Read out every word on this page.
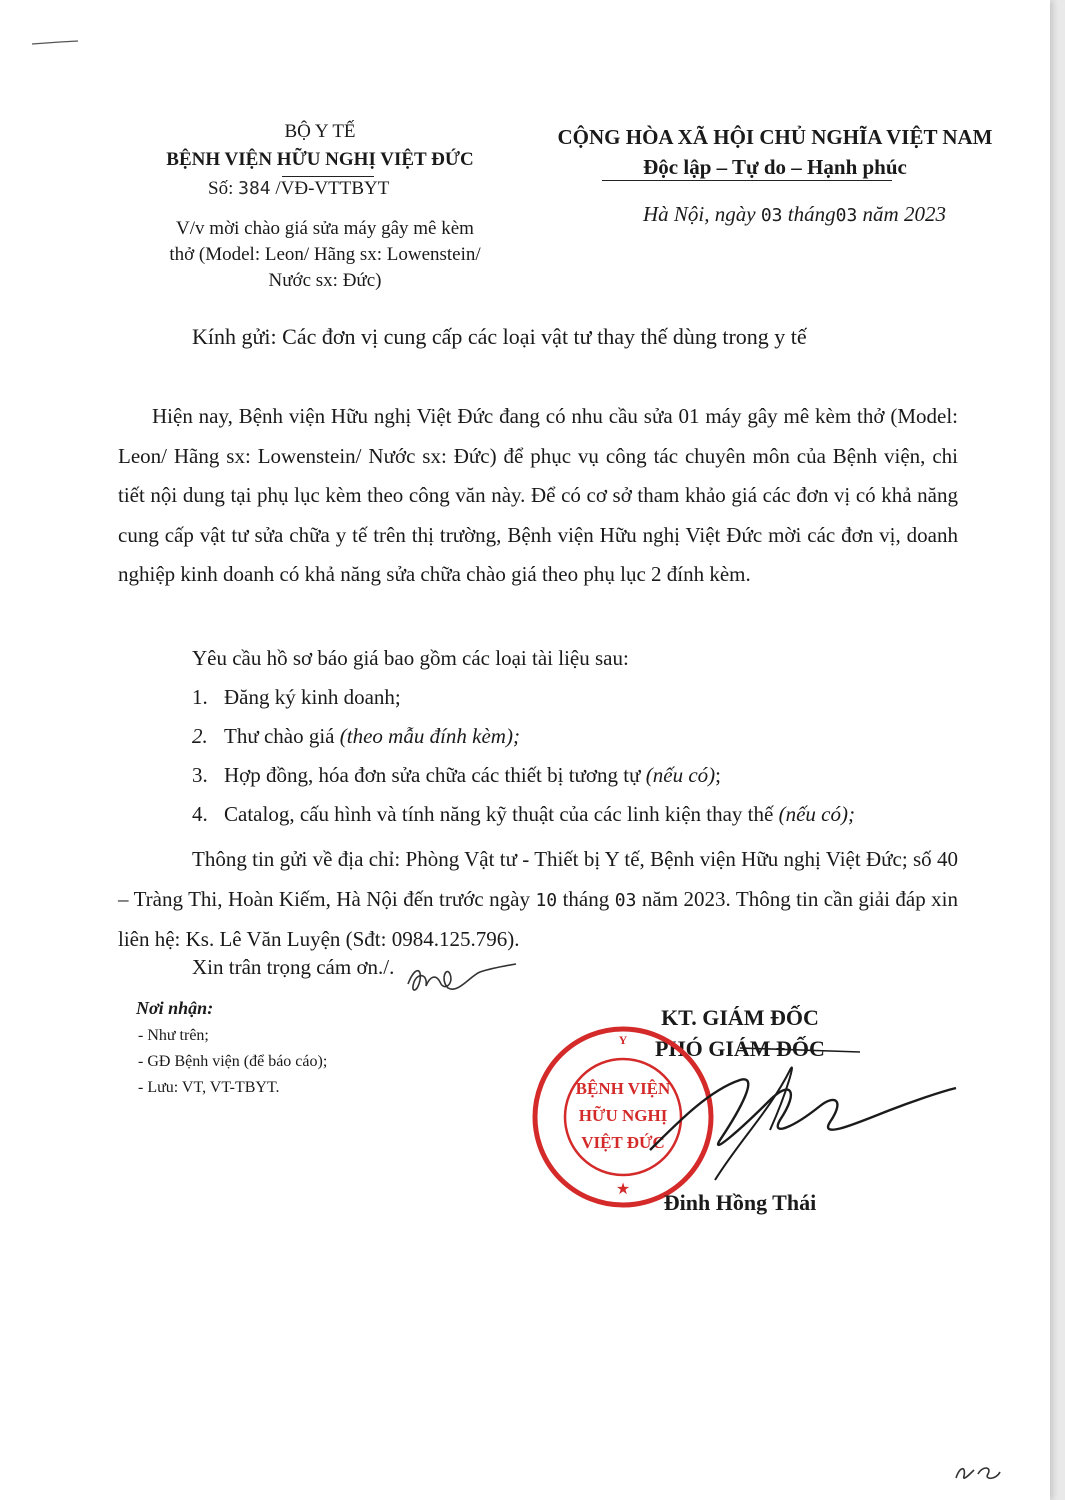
BỘ Y TẾ
BỆNH VIỆN HỮU NGHỊ VIỆT ĐỨC
Số: 384 /VĐ-VTTBYT
V/v mời chào giá sửa máy gây mê kèm
thở (Model: Leon/ Hãng sx: Lowenstein/
Nước sx: Đức)
CỘNG HÒA XÃ HỘI CHỦ NGHĨA VIỆT NAM
Độc lập – Tự do – Hạnh phúc
Hà Nội, ngày 03 tháng03 năm 2023
Kính gửi: Các đơn vị cung cấp các loại vật tư thay thế dùng trong y tế
Hiện nay, Bệnh viện Hữu nghị Việt Đức đang có nhu cầu sửa 01 máy gây mê kèm thở (Model: Leon/ Hãng sx: Lowenstein/ Nước sx: Đức) để phục vụ công tác chuyên môn của Bệnh viện, chi tiết nội dung tại phụ lục kèm theo công văn này. Để có cơ sở tham khảo giá các đơn vị có khả năng cung cấp vật tư sửa chữa y tế trên thị trường, Bệnh viện Hữu nghị Việt Đức mời các đơn vị, doanh nghiệp kinh doanh có khả năng sửa chữa chào giá theo phụ lục 2 đính kèm.
Yêu cầu hồ sơ báo giá bao gồm các loại tài liệu sau:
1. Đăng ký kinh doanh;
2. Thư chào giá (theo mẫu đính kèm);
3. Hợp đồng, hóa đơn sửa chữa các thiết bị tương tự (nếu có);
4. Catalog, cấu hình và tính năng kỹ thuật của các linh kiện thay thế (nếu có);
Thông tin gửi về địa chỉ: Phòng Vật tư - Thiết bị Y tế, Bệnh viện Hữu nghị Việt Đức; số 40 – Tràng Thi, Hoàn Kiếm, Hà Nội đến trước ngày 10 tháng 03 năm 2023. Thông tin cần giải đáp xin liên hệ: Ks. Lê Văn Luyện (Sđt: 0984.125.796).
Xin trân trọng cám ơn./.
Nơi nhận:
- Như trên;
- GĐ Bệnh viện (để báo cáo);
- Lưu: VT, VT-TBYT.
KT. GIÁM ĐỐC
PHÓ GIÁM ĐỐC
BỆNH VIỆN
HỮU NGHỊ
VIỆT ĐỨC
★
Y
Đinh Hồng Thái
